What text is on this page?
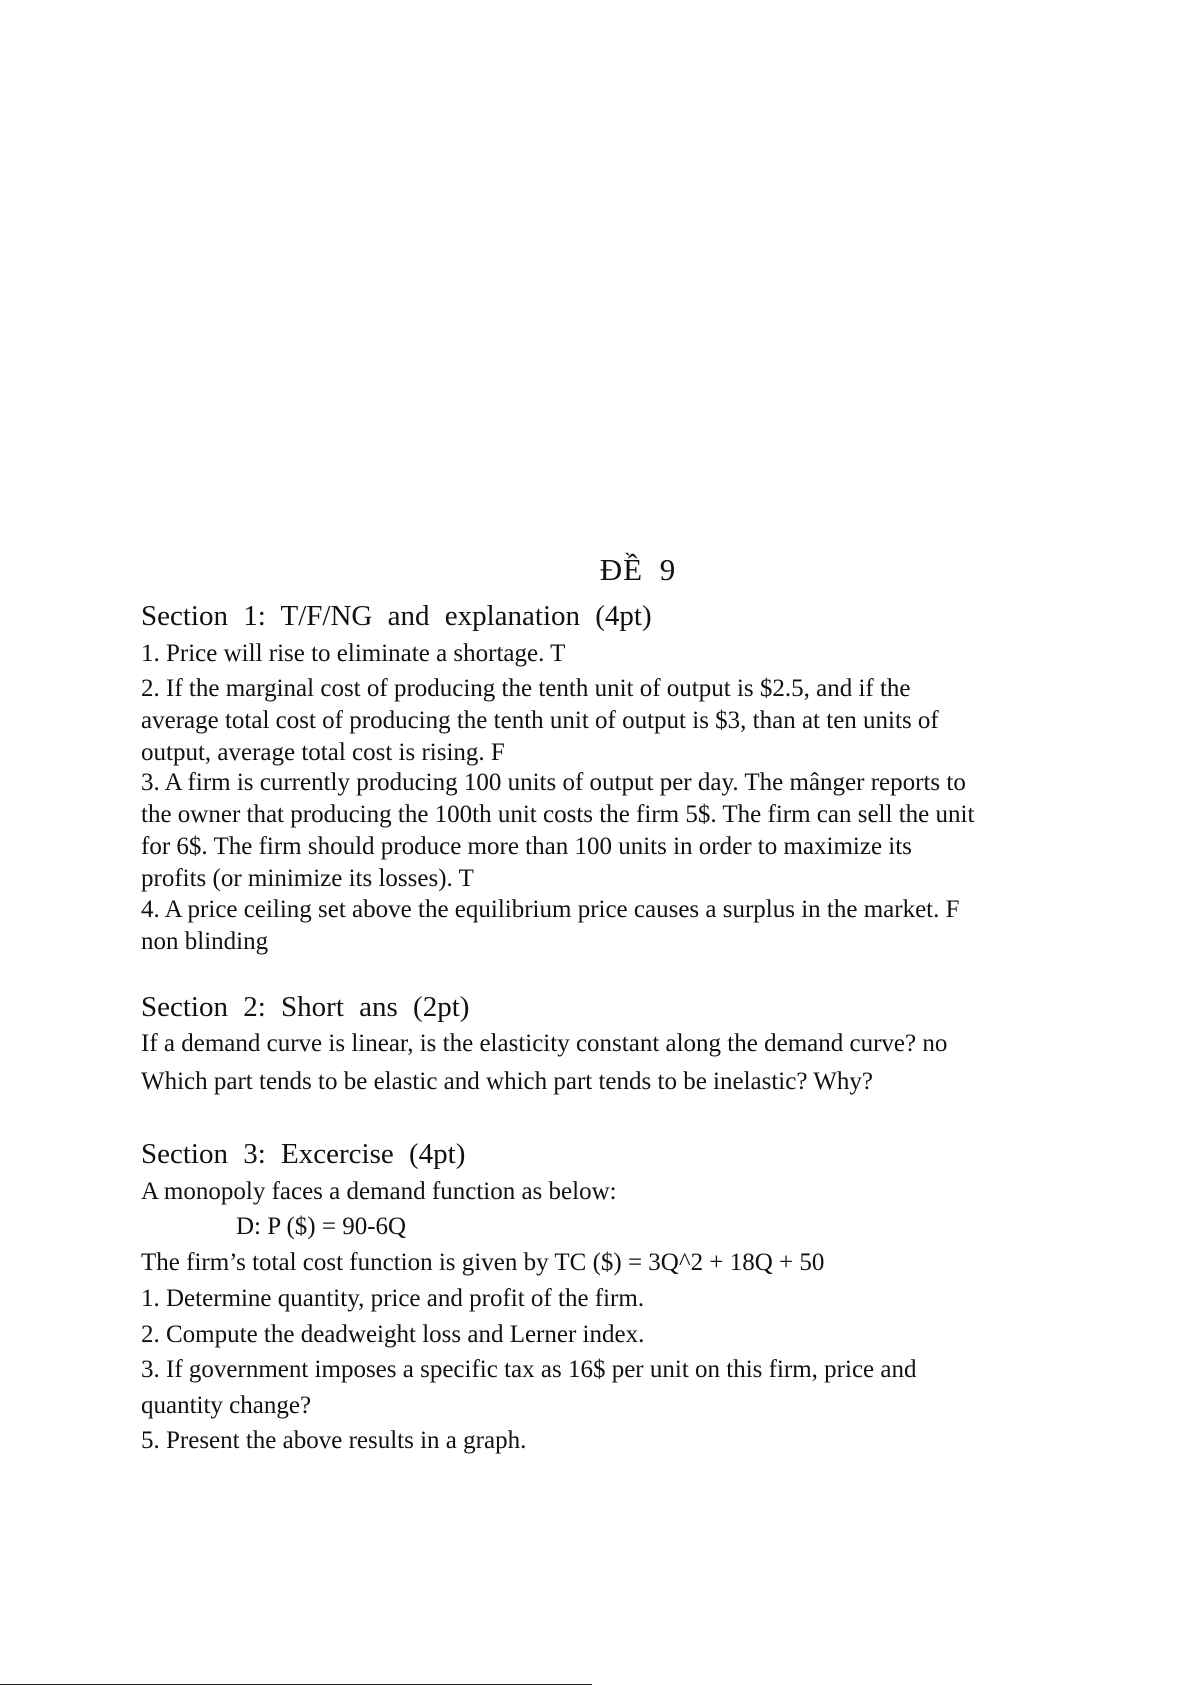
ĐỀ 9

Section 1: T/F/NG and explanation (4pt)

1. Price will rise to eliminate a shortage. T

2. If the marginal cost of producing the tenth unit of output is $2.5, and if the

average total cost of producing the tenth unit of output is $3, than at ten units of

output, average total cost is rising. F

3. A firm is currently producing 100 units of output per day. The mânger reports to

the owner that producing the 100th unit costs the firm 5$. The firm can sell the unit

for 6$. The firm should produce more than 100 units in order to maximize its

profits (or minimize its losses). T

4. A price ceiling set above the equilibrium price causes a surplus in the market. F

non blinding

Section 2: Short ans (2pt)

If a demand curve is linear, is the elasticity constant along the demand curve? no

Which part tends to be elastic and which part tends to be inelastic? Why?

Section 3: Excercise (4pt)

A monopoly faces a demand function as below:

D: P ($) = 90-6Q

The firm’s total cost function is given by TC ($) = 3Q^2 + 18Q + 50

1. Determine quantity, price and profit of the firm.

2. Compute the deadweight loss and Lerner index.

3. If government imposes a specific tax as 16$ per unit on this firm, price and

quantity change?

5. Present the above results in a graph.
